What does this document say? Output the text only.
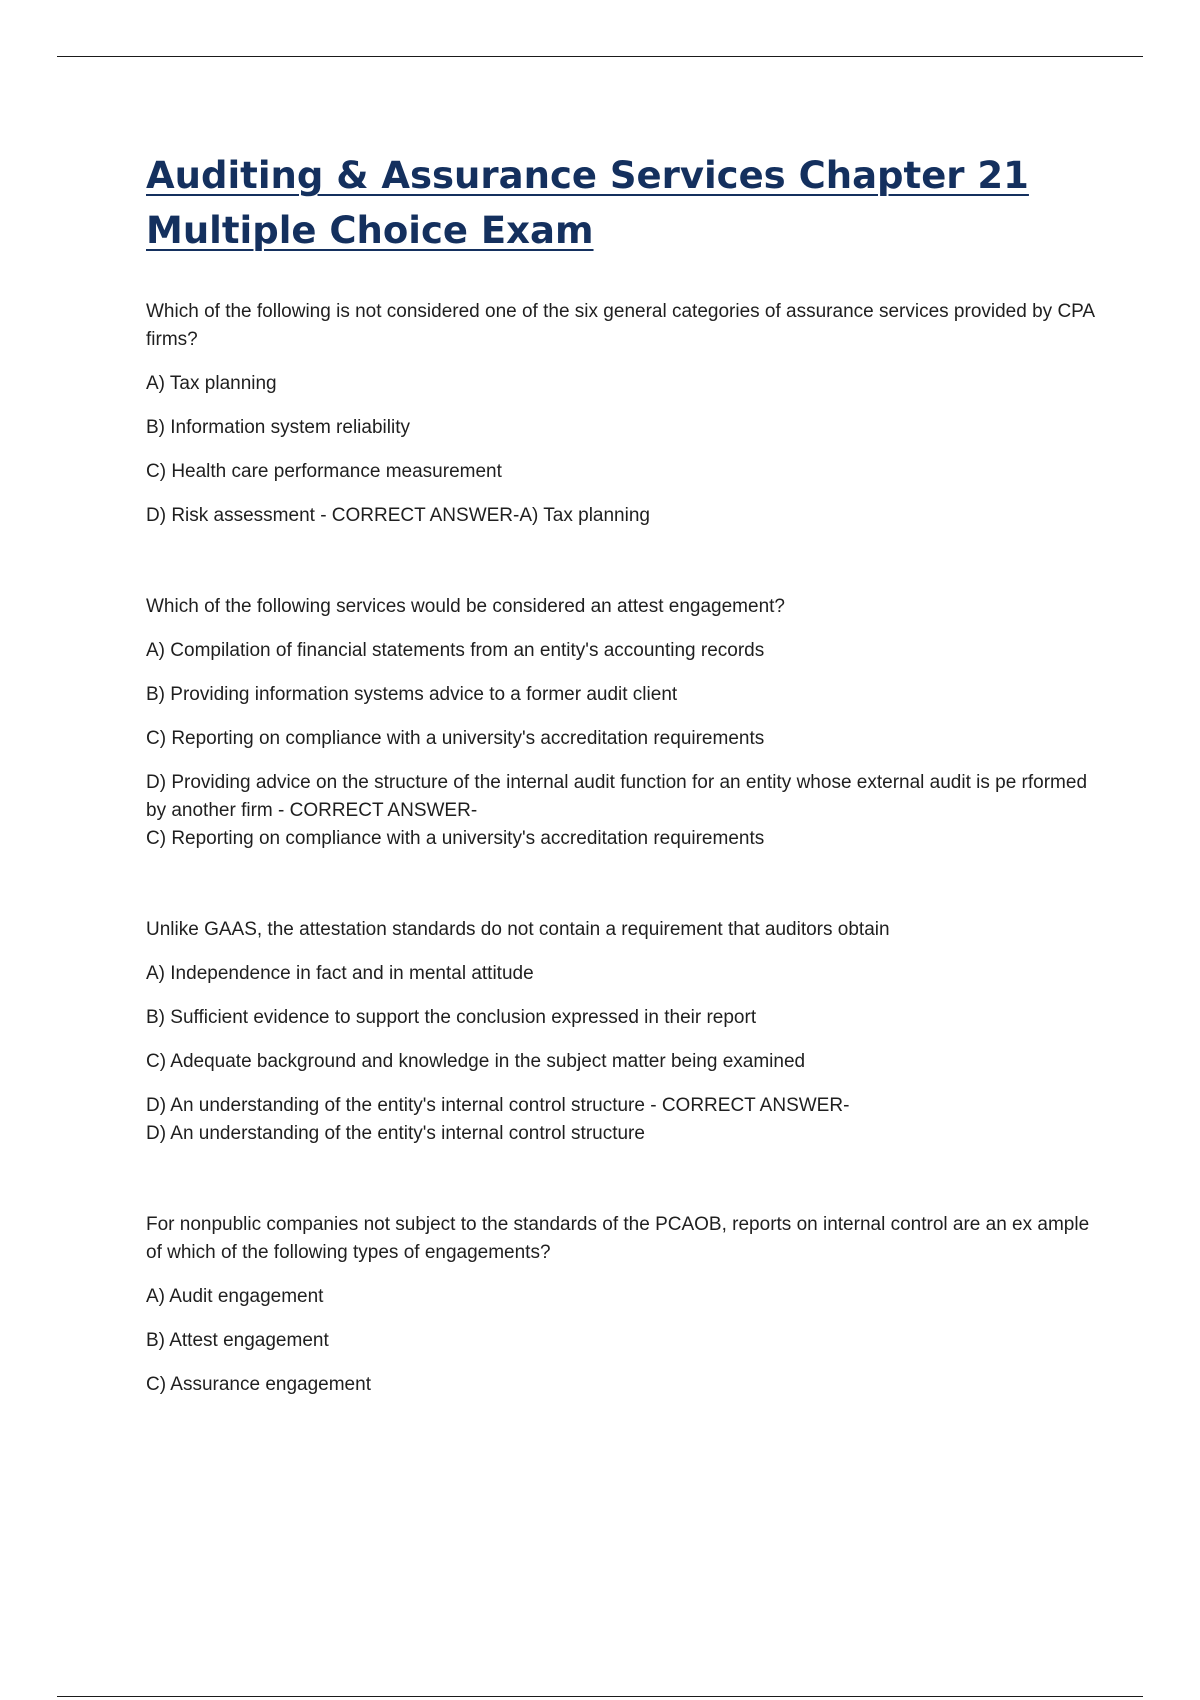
Auditing & Assurance Services Chapter 21
Multiple Choice Exam

Which of the following is not considered one of the six general categories of assurance services provided by CPA firms?

A) Tax planning

B) Information system reliability

C) Health care performance measurement

D) Risk assessment - CORRECT ANSWER-A) Tax planning

Which of the following services would be considered an attest engagement?

A) Compilation of financial statements from an entity's accounting records

B) Providing information systems advice to a former audit client

C) Reporting on compliance with a university's accreditation requirements

D) Providing advice on the structure of the internal audit function for an entity whose external audit is pe rformed by another firm - CORRECT ANSWER-

C) Reporting on compliance with a university's accreditation requirements

Unlike GAAS, the attestation standards do not contain a requirement that auditors obtain

A) Independence in fact and in mental attitude

B) Sufficient evidence to support the conclusion expressed in their report

C) Adequate background and knowledge in the subject matter being examined

D) An understanding of the entity's internal control structure - CORRECT ANSWER-

D) An understanding of the entity's internal control structure

For nonpublic companies not subject to the standards of the PCAOB, reports on internal control are an ex ample of which of the following types of engagements?

A) Audit engagement

B) Attest engagement

C) Assurance engagement
